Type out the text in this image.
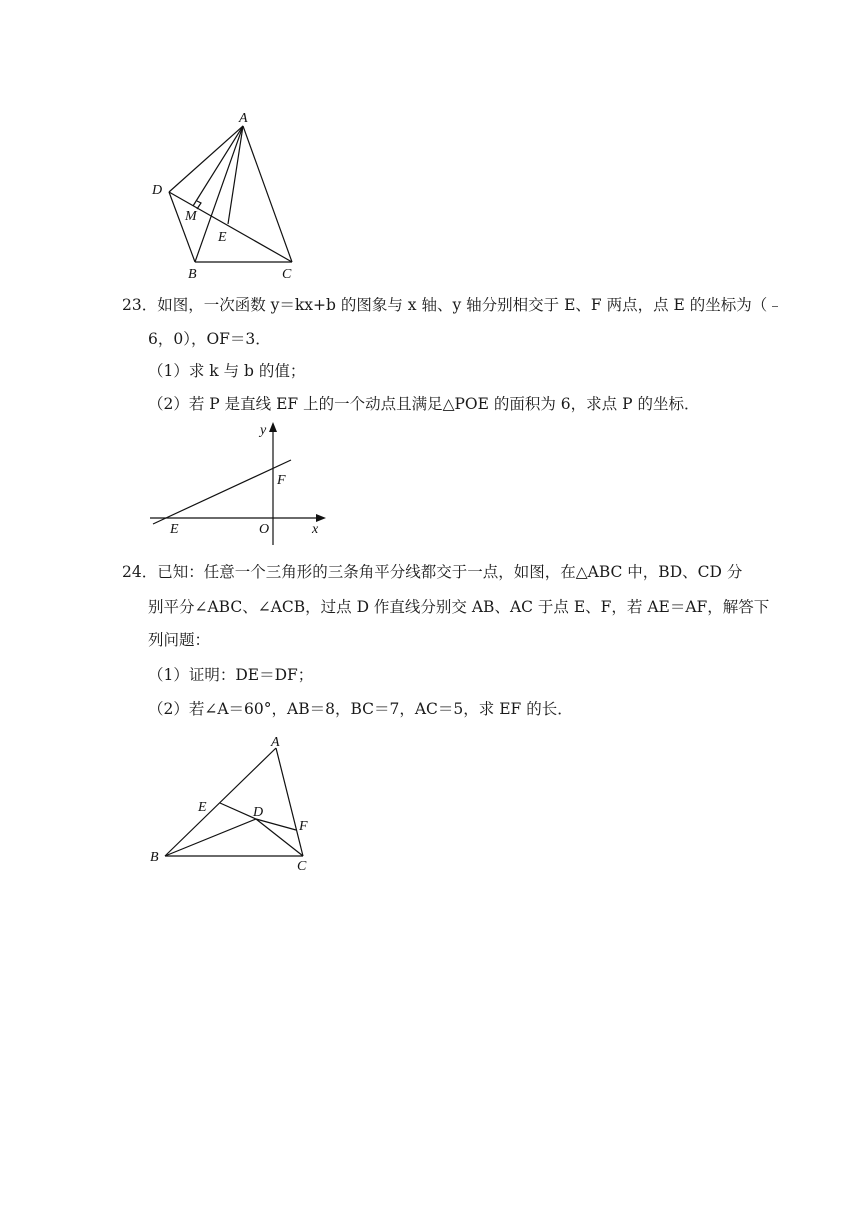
A
D
M
E
B	C
23．如图，一次函数 y＝kx+b 的图象与 x 轴、y 轴分别相交于 E、F 两点，点 E 的坐标为（﹣
6，0），OF＝3．
（1）求 k 与 b 的值；
（2）若 P 是直线 EF 上的一个动点且满足△POE 的面积为 6，求点 P 的坐标．
y
F
E	O	x
24．已知：任意一个三角形的三条角平分线都交于一点，如图，在△ABC 中，BD、CD 分
别平分∠ABC、∠ACB，过点 D 作直线分别交 AB、AC 于点 E、F，若 AE＝AF，解答下
列问题：
（1）证明：DE＝DF；
（2）若∠A＝60°，AB＝8，BC＝7，AC＝5，求 EF 的长．
A
E	D
F
B
C
